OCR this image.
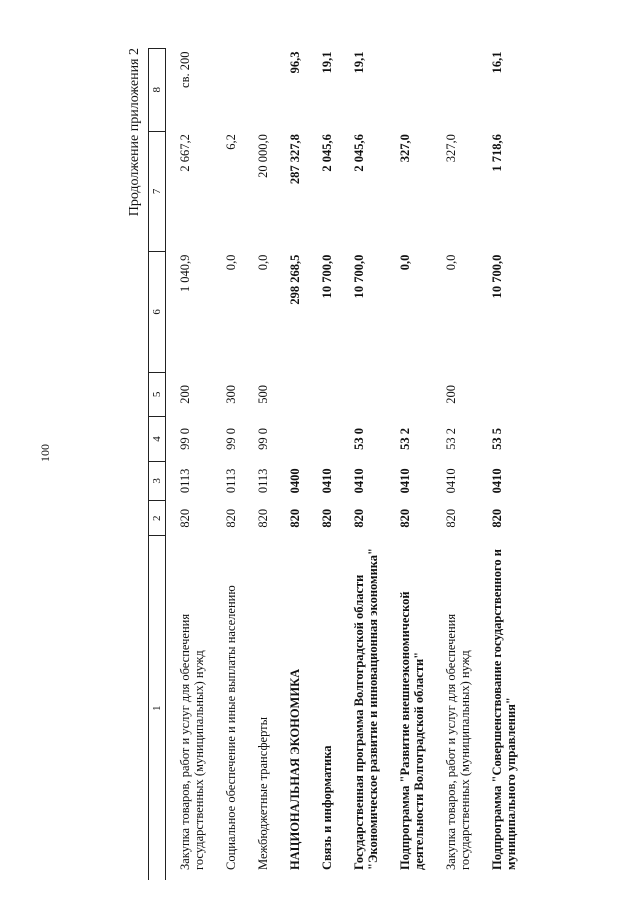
100
Продолжение приложения 2
1	2	3	4	5	6	7	8
Закупка товаров, работ и услуг для обеспечения государственных (муниципальных) нужд	820	0113	99 0	200	1 040,9	2 667,2	св. 200
Социальное обеспечение и иные выплаты населению	820	0113	99 0	300	0,0	6,2	
Межбюджетные трансферты	820	0113	99 0	500	0,0	20 000,0	
НАЦИОНАЛЬНАЯ ЭКОНОМИКА	820	0400			298 268,5	287 327,8	96,3
Связь и информатика	820	0410			10 700,0	2 045,6	19,1
Государственная программа Волгоградской области "Экономическое развитие и инновационная экономика"	820	0410	53 0		10 700,0	2 045,6	19,1
Подпрограмма "Развитие внешнеэкономической деятельности Волгоградской области"	820	0410	53 2		0,0	327,0	
Закупка товаров, работ и услуг для обеспечения государственных (муниципальных) нужд	820	0410	53 2	200	0,0	327,0	
Подпрограмма "Совершенствование государственного и муниципального управления"	820	0410	53 5		10 700,0	1 718,6	16,1
